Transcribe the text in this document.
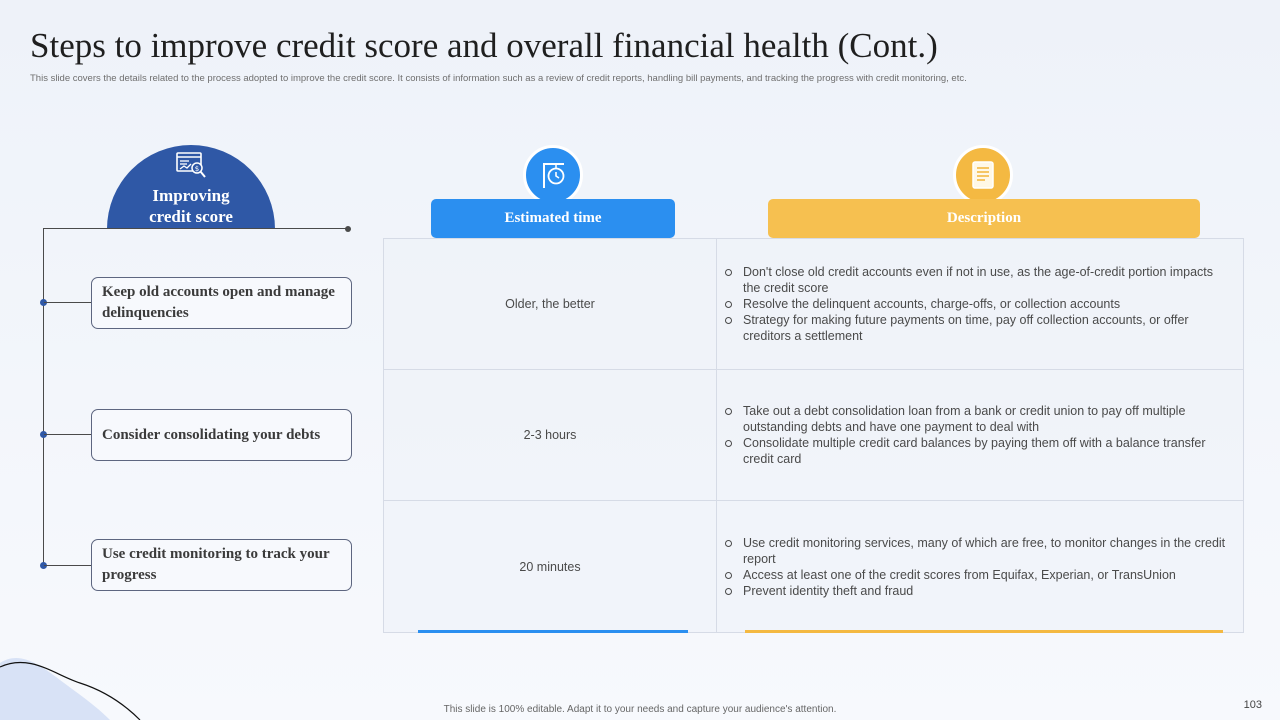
Steps to improve credit score and overall financial health (Cont.)
This slide covers the details related to the process adopted to improve the credit score. It consists of information such as a review of credit reports, handling bill payments, and tracking the progress with credit monitoring, etc.
$
Improving
credit score
Keep old accounts open and manage delinquencies
Consider consolidating your debts
Use credit monitoring to track your progress
Estimated time	Description
Older, the better
Don't close old credit accounts even if not in use, as the age-of-credit portion impacts the credit score
Resolve the delinquent accounts, charge-offs, or collection accounts
Strategy for making future payments on time, pay off collection accounts, or offer creditors a settlement
2-3 hours
Take out a debt consolidation loan from a bank or credit union to pay off multiple outstanding debts and have one payment to deal with
Consolidate multiple credit card balances by paying them off with a balance transfer credit card
20 minutes
Use credit monitoring services, many of which are free, to monitor changes in the credit report
Access at least one of the credit scores from Equifax, Experian, or TransUnion
Prevent identity theft and fraud
This slide is 100% editable. Adapt it to your needs and capture your audience's attention.	103
